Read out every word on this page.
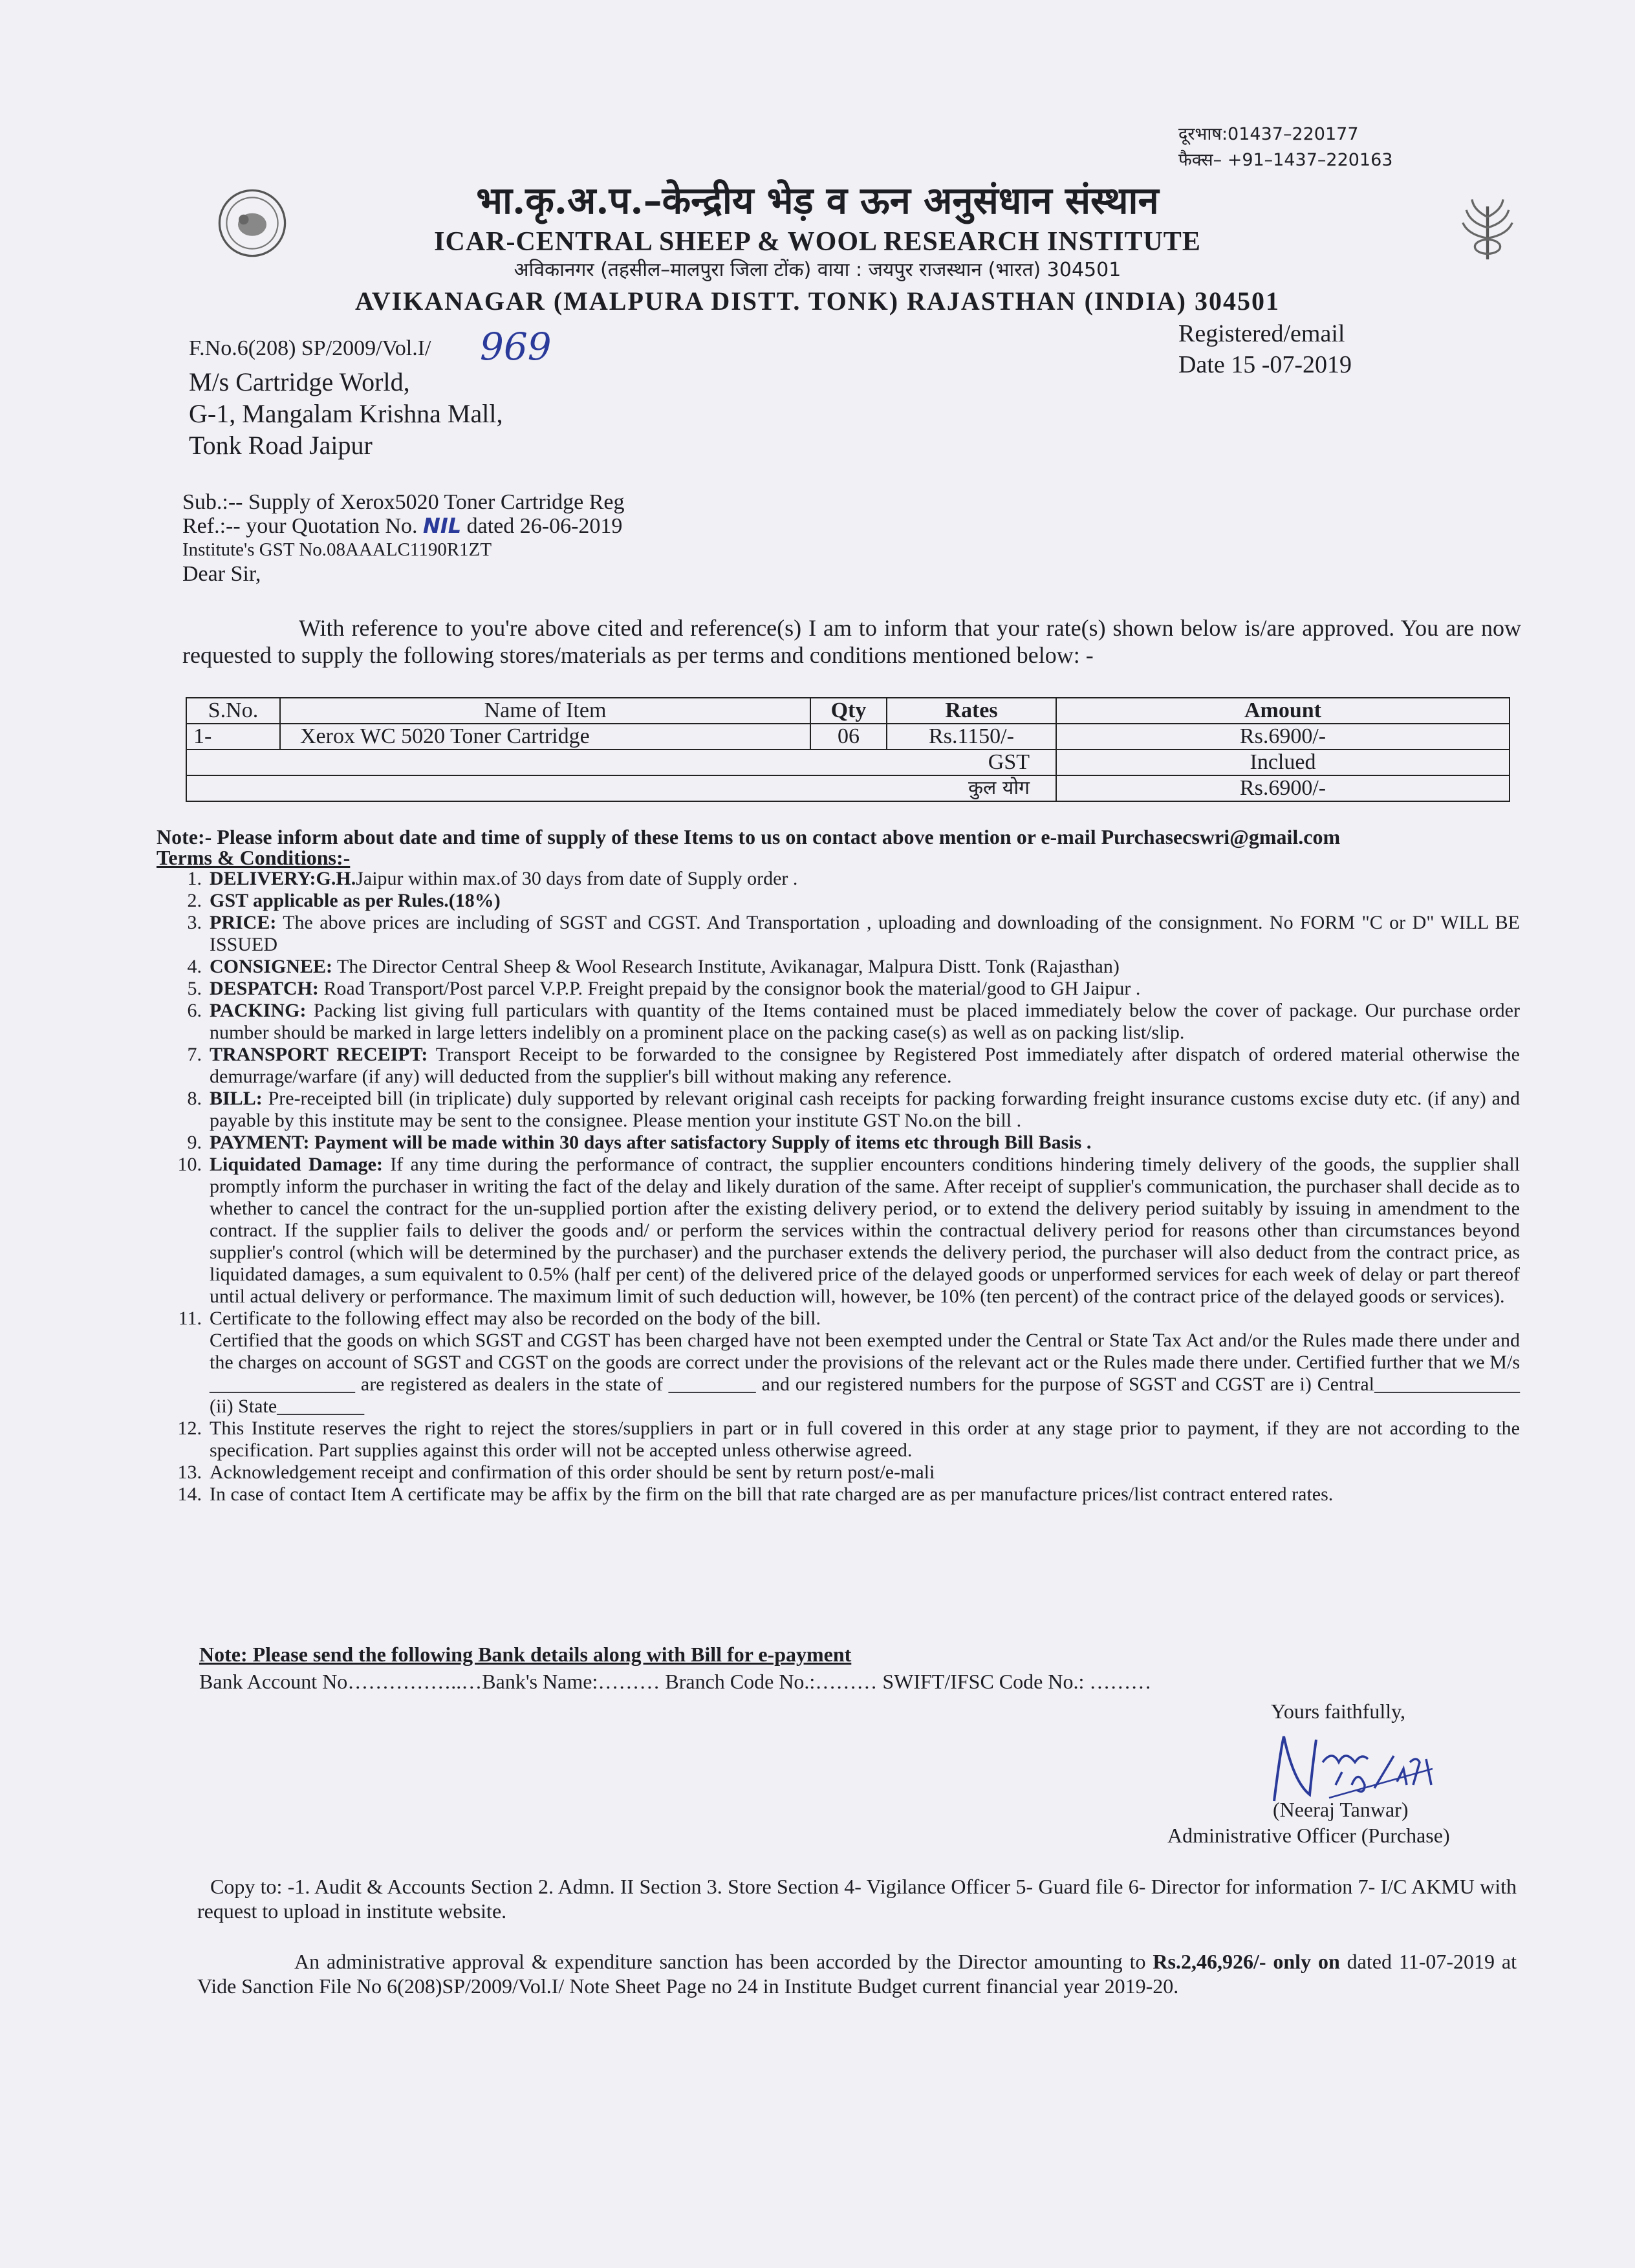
दूरभाष:01437–220177
फैक्स– +91–1437–220163
भा.कृ.अ.प.–केन्द्रीय भेड़ व ऊन अनुसंधान संस्थान
ICAR-CENTRAL SHEEP & WOOL RESEARCH INSTITUTE
अविकानगर (तहसील–मालपुरा जिला टोंक) वाया : जयपुर राजस्थान (भारत) 304501
AVIKANAGAR (MALPURA DISTT. TONK) RAJASTHAN (INDIA) 304501
Registered/email
Date 15 -07-2019
F.No.6(208) SP/2009/Vol.I/ 969
M/s Cartridge World,
G-1, Mangalam Krishna Mall,
Tonk Road Jaipur
Sub.:-- Supply of Xerox5020 Toner Cartridge Reg
Ref.:-- your Quotation No. NIL dated 26-06-2019
Institute's GST No.08AAALC1190R1ZT
Dear Sir,
With reference to you're above cited and reference(s) I am to inform that your rate(s) shown below is/are approved. You are now requested to supply the following stores/materials as per terms and conditions mentioned below: -
S.No.	Name of Item	Qty	Rates	Amount
1-	Xerox WC 5020 Toner Cartridge	06	Rs.1150/-	Rs.6900/-
GST				Inclued
कुल योग				Rs.6900/-
Note:- Please inform about date and time of supply of these Items to us on contact above mention or e-mail Purchasecswri@gmail.com
Terms & Conditions:-
1. DELIVERY:G.H.Jaipur within max.of 30 days from date of Supply order .
2. GST applicable as per Rules.(18%)
3. PRICE: The above prices are including of SGST and CGST. And Transportation , uploading and downloading of the consignment. No FORM "C or D" WILL BE ISSUED
4. CONSIGNEE: The Director Central Sheep & Wool Research Institute, Avikanagar, Malpura Distt. Tonk (Rajasthan)
5. DESPATCH: Road Transport/Post parcel V.P.P. Freight prepaid by the consignor book the material/good to GH Jaipur .
6. PACKING: Packing list giving full particulars with quantity of the Items contained must be placed immediately below the cover of package. Our purchase order number should be marked in large letters indelibly on a prominent place on the packing case(s) as well as on packing list/slip.
7. TRANSPORT RECEIPT: Transport Receipt to be forwarded to the consignee by Registered Post immediately after dispatch of ordered material otherwise the demurrage/warfare (if any) will deducted from the supplier's bill without making any reference.
8. BILL: Pre-receipted bill (in triplicate) duly supported by relevant original cash receipts for packing forwarding freight insurance customs excise duty etc. (if any) and payable by this institute may be sent to the consignee. Please mention your institute GST No.on the bill .
9. PAYMENT: Payment will be made within 30 days after satisfactory Supply of items etc through Bill Basis .
10. Liquidated Damage: If any time during the performance of contract, the supplier encounters conditions hindering timely delivery of the goods, the supplier shall promptly inform the purchaser in writing the fact of the delay and likely duration of the same. After receipt of supplier's communication, the purchaser shall decide as to whether to cancel the contract for the un-supplied portion after the existing delivery period, or to extend the delivery period suitably by issuing in amendment to the contract. If the supplier fails to deliver the goods and/ or perform the services within the contractual delivery period for reasons other than circumstances beyond supplier's control (which will be determined by the purchaser) and the purchaser extends the delivery period, the purchaser will also deduct from the contract price, as liquidated damages, a sum equivalent to 0.5% (half per cent) of the delivered price of the delayed goods or unperformed services for each week of delay or part thereof until actual delivery or performance. The maximum limit of such deduction will, however, be 10% (ten percent) of the contract price of the delayed goods or services).
11. Certificate to the following effect may also be recorded on the body of the bill.
Certified that the goods on which SGST and CGST has been charged have not been exempted under the Central or State Tax Act and/or the Rules made there under and the charges on account of SGST and CGST on the goods are correct under the provisions of the relevant act or the Rules made there under. Certified further that we M/s _______________ are registered as dealers in the state of _________ and our registered numbers for the purpose of SGST and CGST are i) Central_______________ (ii) State_________
12. This Institute reserves the right to reject the stores/suppliers in part or in full covered in this order at any stage prior to payment, if they are not according to the specification. Part supplies against this order will not be accepted unless otherwise agreed.
13. Acknowledgement receipt and confirmation of this order should be sent by return post/e-mali
14. In case of contact Item A certificate may be affix by the firm on the bill that rate charged are as per manufacture prices/list contract entered rates.
Note: Please send the following Bank details along with Bill for e-payment
Bank Account No……………..…Bank's Name:……… Branch Code No.:……… SWIFT/IFSC Code No.: ………
Yours faithfully,
(Neeraj Tanwar)
Administrative Officer (Purchase)
Copy to: -1. Audit & Accounts Section 2. Admn. II Section 3. Store Section 4- Vigilance Officer 5- Guard file 6- Director for information 7- I/C AKMU with request to upload in institute website.
An administrative approval & expenditure sanction has been accorded by the Director amounting to Rs.2,46,926/- only on dated 11-07-2019 at Vide Sanction File No 6(208)SP/2009/Vol.I/ Note Sheet Page no 24 in Institute Budget current financial year 2019-20.
